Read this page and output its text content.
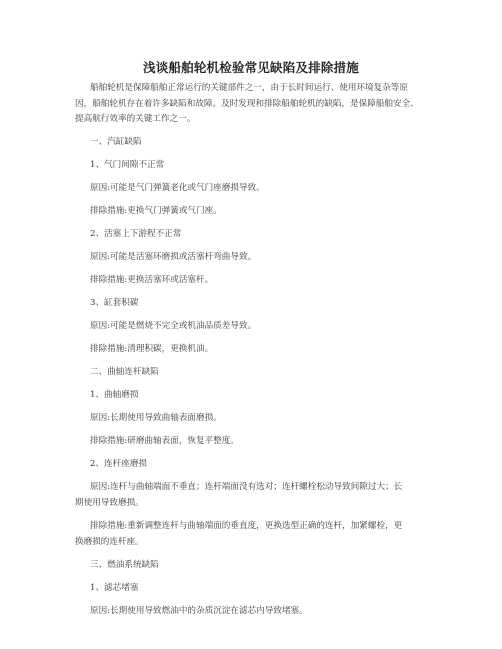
浅谈船舶轮机检验常见缺陷及排除措施
船舶轮机是保障船舶正常运行的关键部件之一，由于长时间运行、使用环境复杂等原
因，船舶轮机存在着许多缺陷和故障。及时发现和排除船舶轮机的缺陷，是保障船舶安全、
提高航行效率的关键工作之一。
一、汽缸缺陷
1、气门间隙不正常
原因:可能是气门弹簧老化或气门座磨损导致。
排除措施:更换气门弹簧或气门座。
2、活塞上下游程不正常
原因:可能是活塞环磨损或活塞杆弯曲导致。
排除措施:更换活塞环或活塞杆。
3、缸套积碳
原因:可能是燃烧不完全或机油品质差导致。
排除措施:清理积碳，更换机油。
二、曲轴连杆缺陷
1、曲轴磨损
原因:长期使用导致曲轴表面磨损。
排除措施:研磨曲轴表面，恢复平整度。
2、连杆座磨损
原因:连杆与曲轴端面不垂直；连杆端面没有选对；连杆螺栓松动导致间隙过大；长
期使用导致磨损。
排除措施:重新调整连杆与曲轴端面的垂直度，更换选型正确的连杆，加紧螺栓，更
换磨损的连杆座。
三、燃油系统缺陷
1、滤芯堵塞
原因:长期使用导致燃油中的杂质沉淀在滤芯内导致堵塞。
